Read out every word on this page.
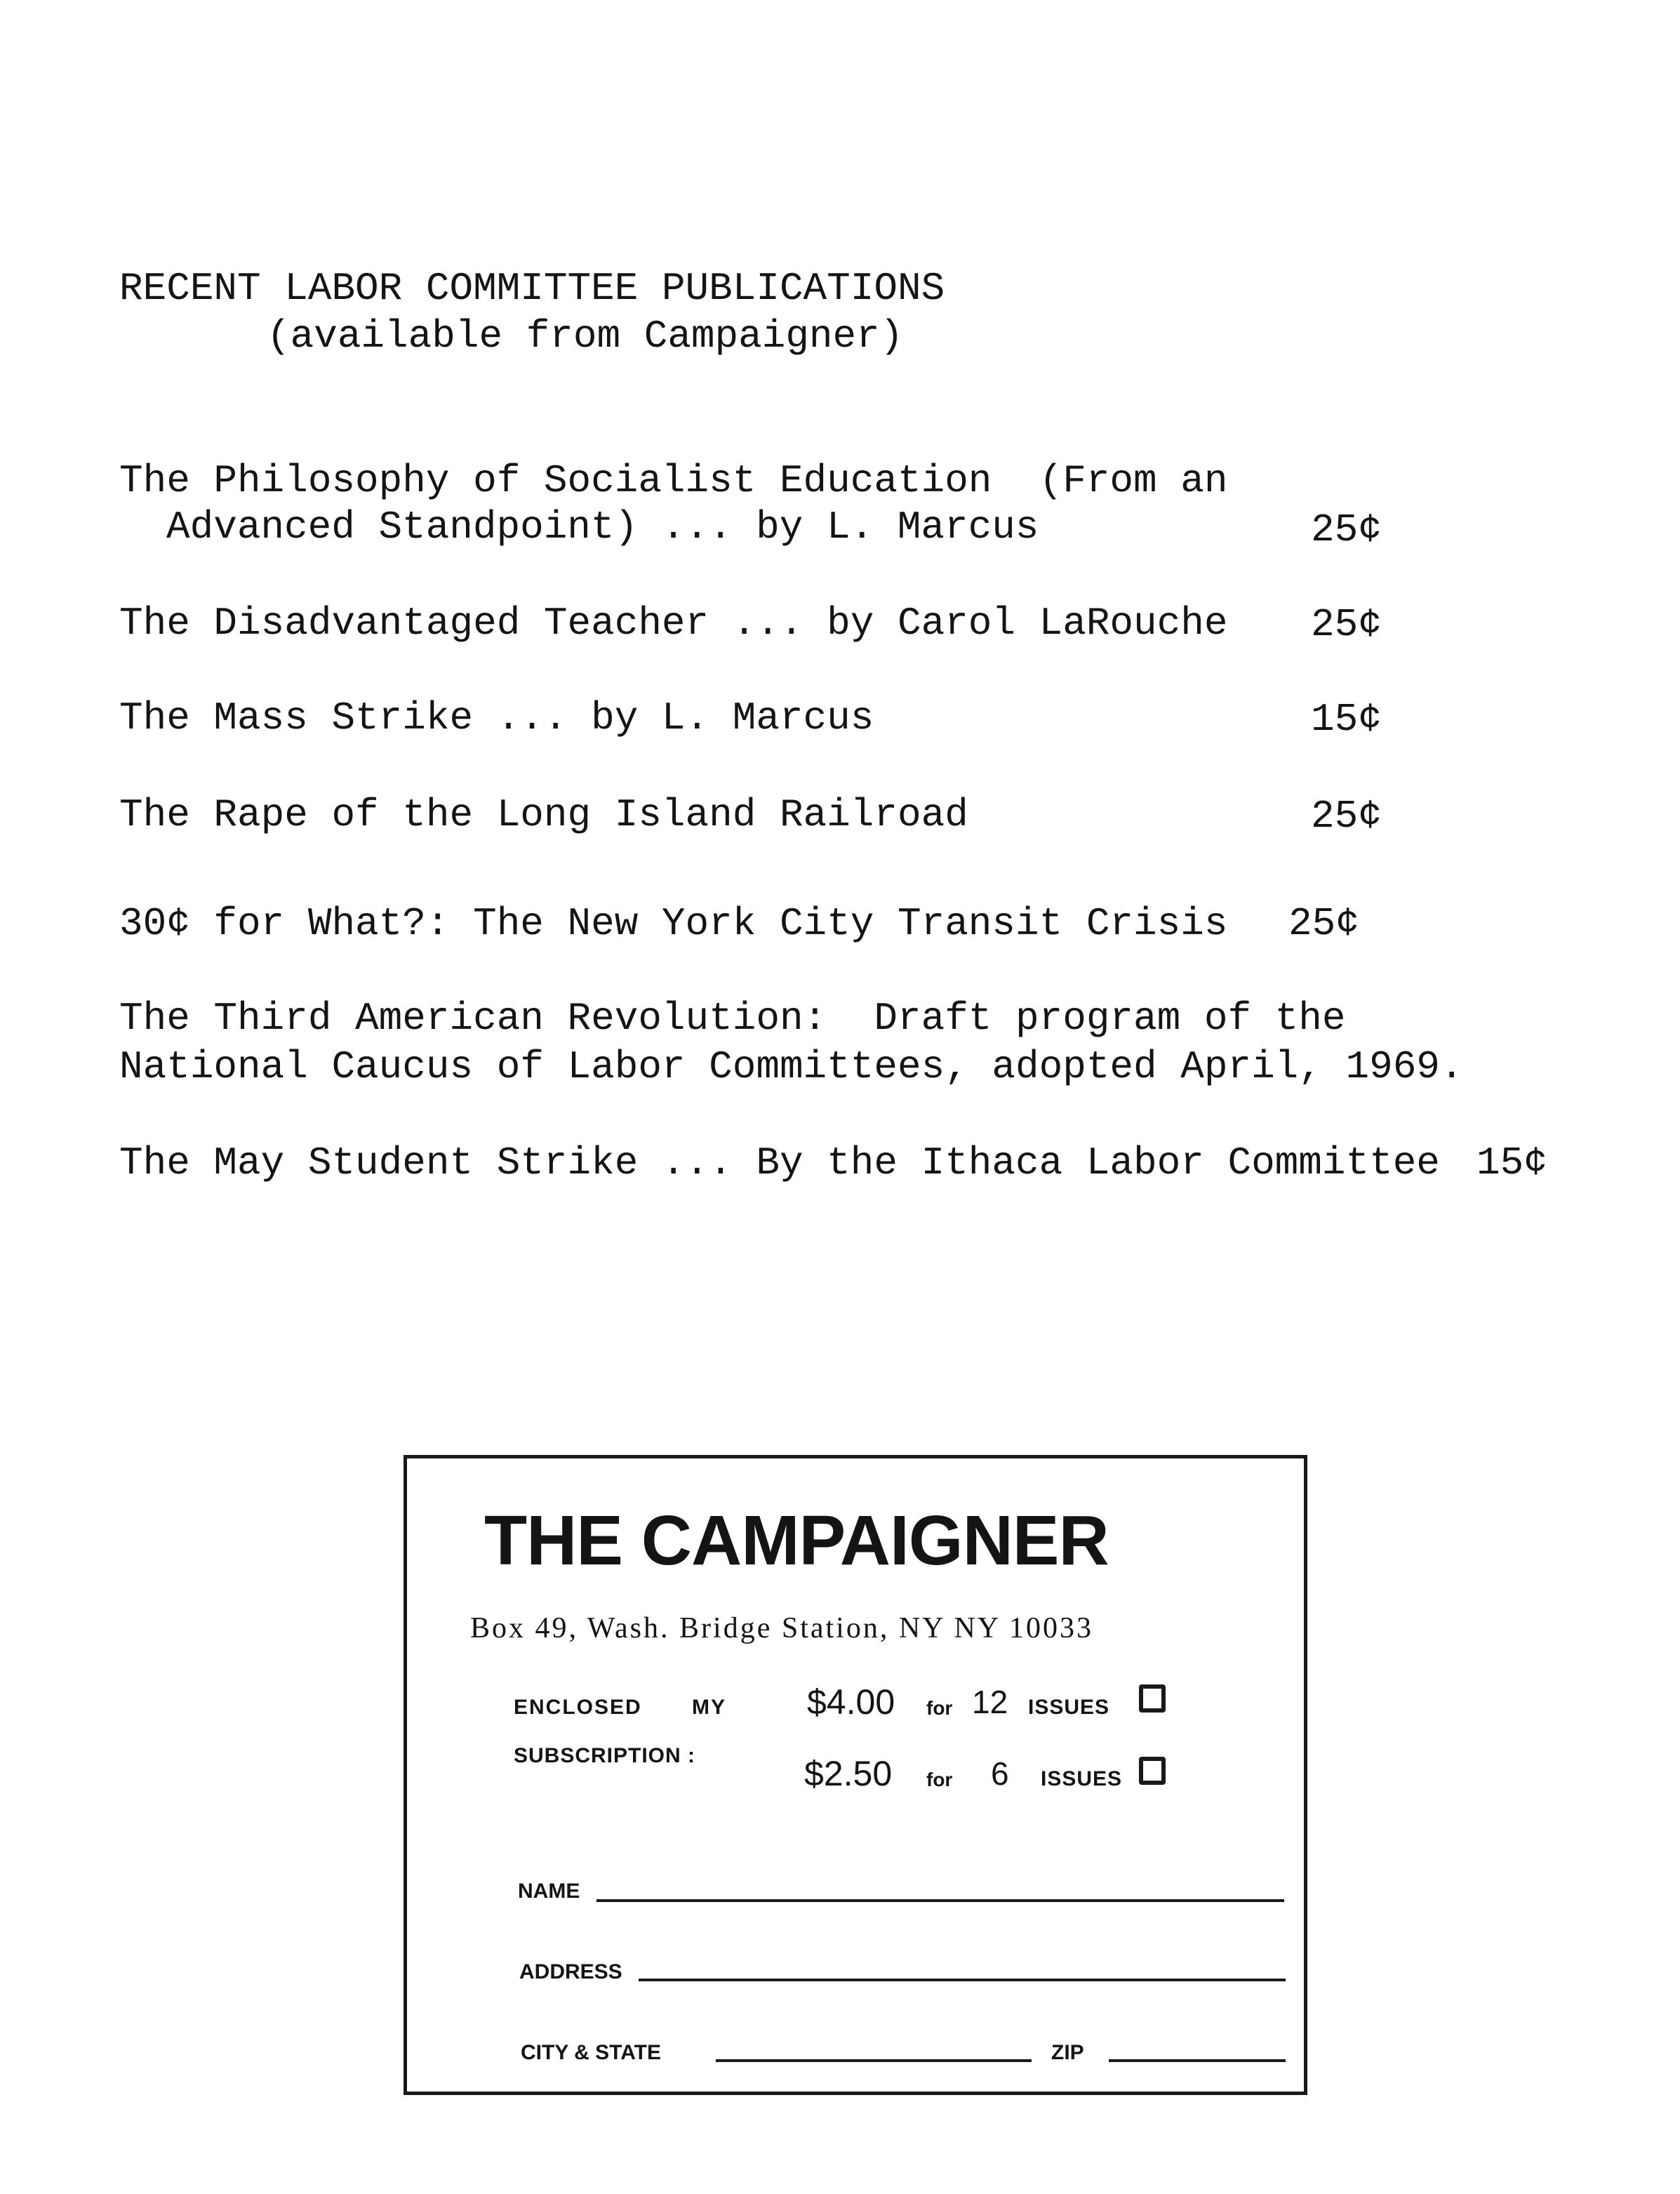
RECENT LABOR COMMITTEE PUBLICATIONS
(available from Campaigner)
The Philosophy of Socialist Education  (From an
Advanced Standpoint) ... by L. Marcus	25¢
The Disadvantaged Teacher ... by Carol LaRouche 25¢
The Mass Strike ... by L. Marcus	15¢
The Rape of the Long Island Railroad	25¢
30¢ for What?: The New York City Transit Crisis 25¢
The Third American Revolution:  Draft program of the
National Caucus of Labor Committees, adopted April, 1969.
The May Student Strike ... By the Ithaca Labor Committee 15¢
THE CAMPAIGNER
Box 49, Wash. Bridge Station, NY NY 10033
ENCLOSED MY
SUBSCRIPTION :
$4.00 for 12 ISSUES
$2.50 for 6 ISSUES
NAME
ADDRESS
CITY & STATE	ZIP
